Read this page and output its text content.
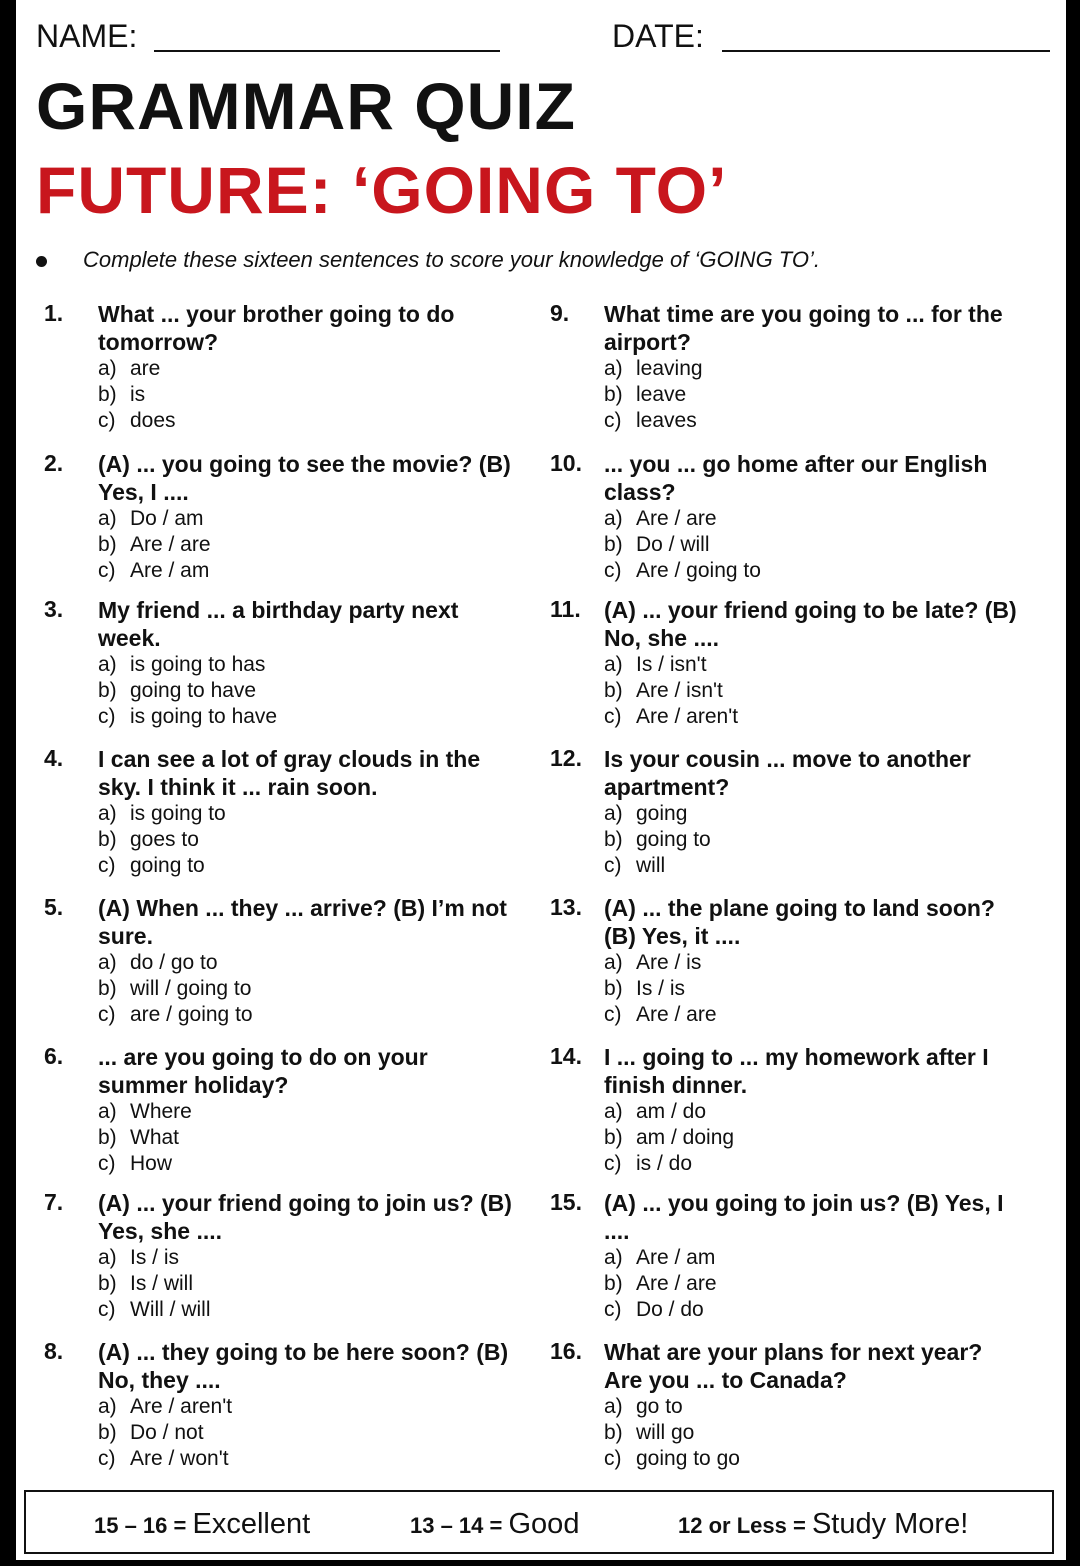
NAME:	DATE:
GRAMMAR QUIZ
FUTURE: ‘GOING TO’
Complete these sixteen sentences to score your knowledge of ‘GOING TO’.
1. What ... your brother going to do tomorrow?
a) are
b) is
c) does
2. (A) ... you going to see the movie? (B) Yes, I ....
a) Do / am
b) Are / are
c) Are / am
3. My friend ... a birthday party next week.
a) is going to has
b) going to have
c) is going to have
4. I can see a lot of gray clouds in the sky. I think it ... rain soon.
a) is going to
b) goes to
c) going to
5. (A) When ... they ... arrive? (B) I’m not sure.
a) do / go to
b) will / going to
c) are / going to
6. ... are you going to do on your summer holiday?
a) Where
b) What
c) How
7. (A) ... your friend going to join us? (B) Yes, she ....
a) Is / is
b) Is / will
c) Will / will
8. (A) ... they going to be here soon? (B) No, they ....
a) Are / aren't
b) Do / not
c) Are / won't
9. What time are you going to ... for the airport?
a) leaving
b) leave
c) leaves
10. ... you ... go home after our English class?
a) Are / are
b) Do / will
c) Are / going to
11. (A) ... your friend going to be late? (B) No, she ....
a) Is / isn't
b) Are / isn't
c) Are / aren't
12. Is your cousin ... move to another apartment?
a) going
b) going to
c) will
13. (A) ... the plane going to land soon? (B) Yes, it ....
a) Are / is
b) Is / is
c) Are / are
14. I ... going to ... my homework after I finish dinner.
a) am / do
b) am / doing
c) is / do
15. (A) ... you going to join us? (B) Yes, I ....
a) Are / am
b) Are / are
c) Do / do
16. What are your plans for next year? Are you ... to Canada?
a) go to
b) will go
c) going to go
15 – 16 = Excellent	13 – 14 = Good	12 or Less = Study More!
